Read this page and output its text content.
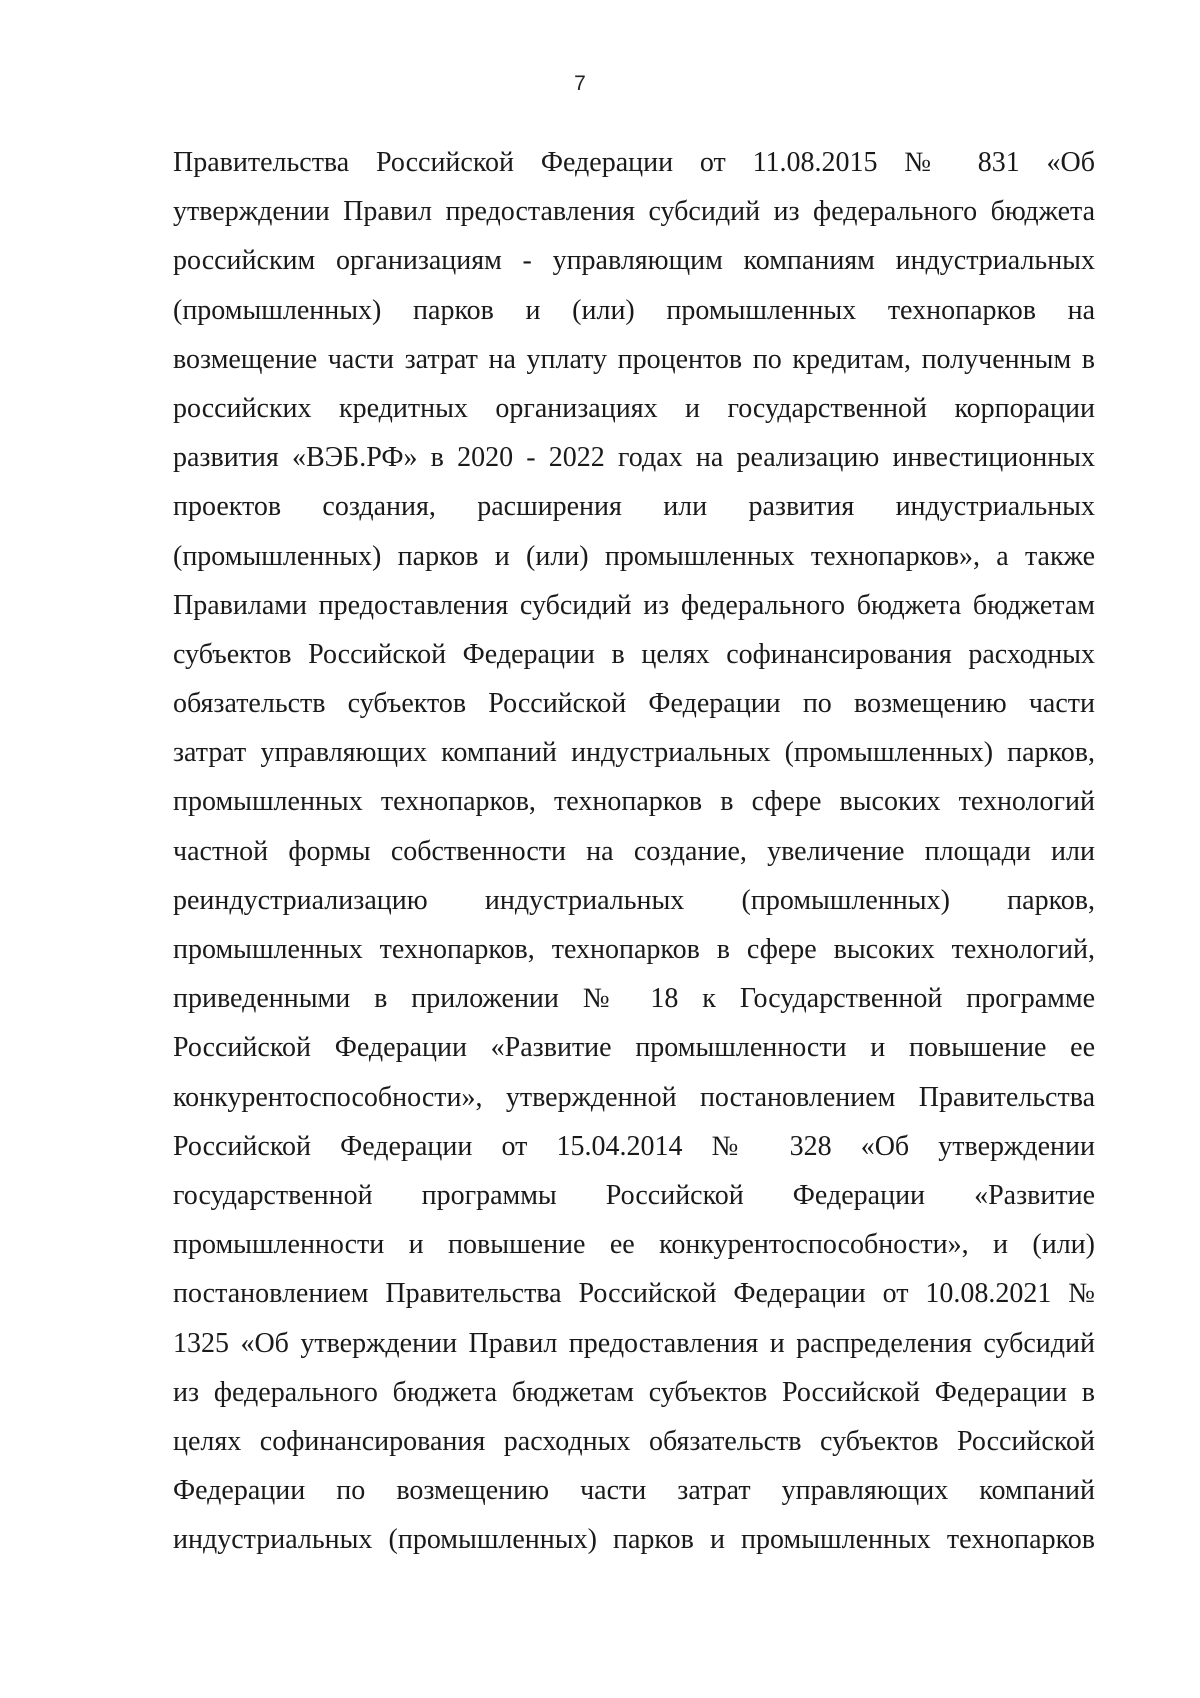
7
Правительства Российской Федерации от 11.08.2015 № 831 «Об
утверждении Правил предоставления субсидий из федерального бюджета
российским организациям - управляющим компаниям индустриальных
(промышленных) парков и (или) промышленных технопарков на
возмещение части затрат на уплату процентов по кредитам, полученным в
российских кредитных организациях и государственной корпорации
развития «ВЭБ.РФ» в 2020 - 2022 годах на реализацию инвестиционных
проектов создания, расширения или развития индустриальных
(промышленных) парков и (или) промышленных технопарков», а также
Правилами предоставления субсидий из федерального бюджета бюджетам
субъектов Российской Федерации в целях софинансирования расходных
обязательств субъектов Российской Федерации по возмещению части
затрат управляющих компаний индустриальных (промышленных) парков,
промышленных технопарков, технопарков в сфере высоких технологий
частной формы собственности на создание, увеличение площади или
реиндустриализацию индустриальных (промышленных) парков,
промышленных технопарков, технопарков в сфере высоких технологий,
приведенными в приложении № 18 к Государственной программе
Российской Федерации «Развитие промышленности и повышение ее
конкурентоспособности», утвержденной постановлением Правительства
Российской Федерации от 15.04.2014 № 328 «Об утверждении
государственной программы Российской Федерации «Развитие
промышленности и повышение ее конкурентоспособности», и (или)
постановлением Правительства Российской Федерации от 10.08.2021 №
1325 «Об утверждении Правил предоставления и распределения субсидий
из федерального бюджета бюджетам субъектов Российской Федерации в
целях софинансирования расходных обязательств субъектов Российской
Федерации по возмещению части затрат управляющих компаний
индустриальных (промышленных) парков и промышленных технопарков
